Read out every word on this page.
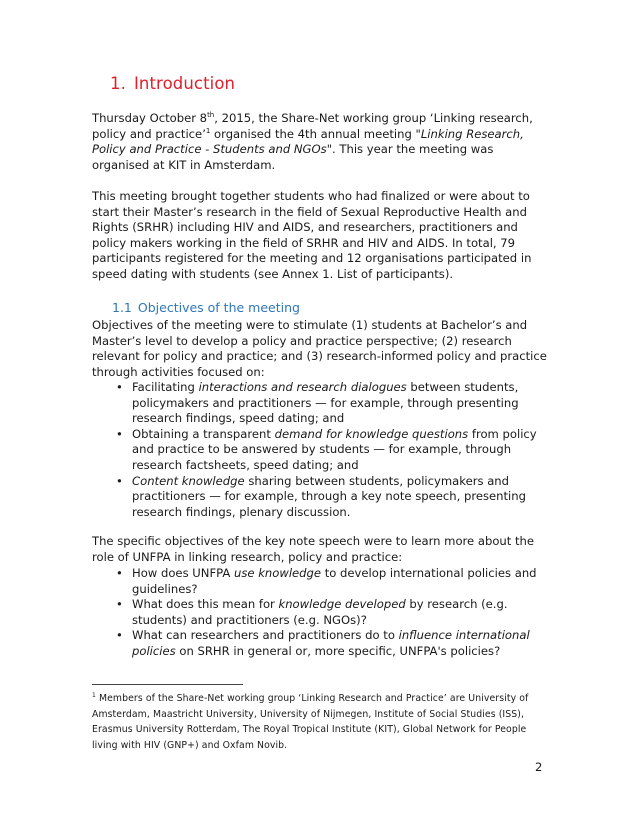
1. Introduction

Thursday October 8th, 2015, the Share-Net working group ‘Linking research, policy and practice’$^1$ organised the 4th annual meeting "Linking Research, Policy and Practice - Students and NGOs". This year the meeting was organised at KIT in Amsterdam.

This meeting brought together students who had finalized or were about to start their Master’s research in the field of Sexual Reproductive Health and Rights (SRHR) including HIV and AIDS, and researchers, practitioners and policy makers working in the field of SRHR and HIV and AIDS. In total, 79 participants registered for the meeting and 12 organisations participated in speed dating with students (see Annex 1. List of participants).

1.1 Objectives of the meeting

Objectives of the meeting were to stimulate (1) students at Bachelor’s and Master’s level to develop a policy and practice perspective; (2) research relevant for policy and practice; and (3) research-informed policy and practice through activities focused on:

• Facilitating interactions and research dialogues between students, policymakers and practitioners — for example, through presenting research findings, speed dating; and
• Obtaining a transparent demand for knowledge questions from policy and practice to be answered by students — for example, through research factsheets, speed dating; and
• Content knowledge sharing between students, policymakers and practitioners — for example, through a key note speech, presenting research findings, plenary discussion.

The specific objectives of the key note speech were to learn more about the role of UNFPA in linking research, policy and practice:

• How does UNFPA use knowledge to develop international policies and guidelines?
• What does this mean for knowledge developed by research (e.g. students) and practitioners (e.g. NGOs)?
• What can researchers and practitioners do to influence international policies on SRHR in general or, more specific, UNFPA's policies?

$^1$ Members of the Share-Net working group ‘Linking Research and Practice’ are University of Amsterdam, Maastricht University, University of Nijmegen, Institute of Social Studies (ISS), Erasmus University Rotterdam, The Royal Tropical Institute (KIT), Global Network for People living with HIV (GNP+) and Oxfam Novib.

2
